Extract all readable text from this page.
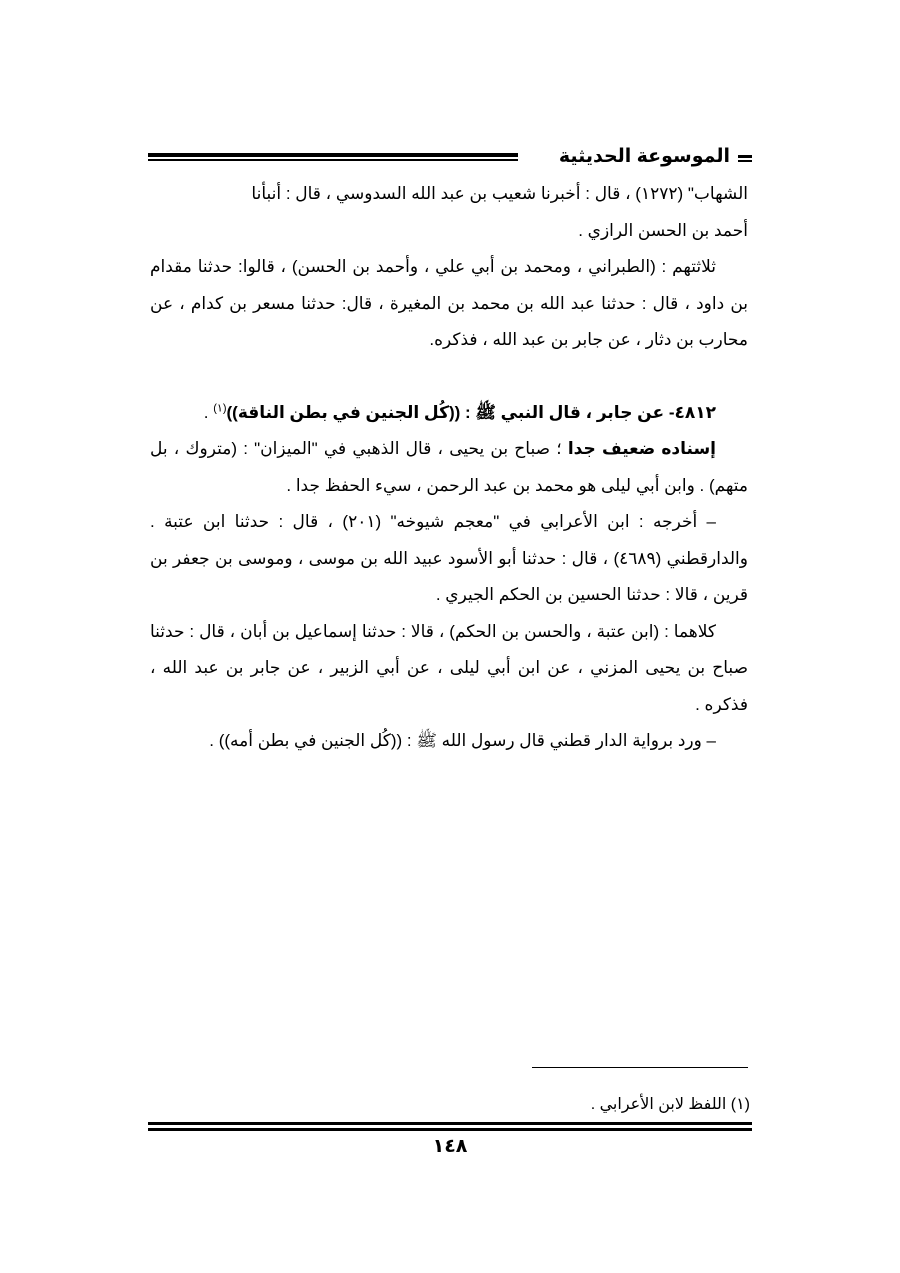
الموسوعة الحديثية

الشهاب" (١٢٧٢) ، قال : أخبرنا شعيب بن عبد الله السدوسي ، قال : أنبأنا

أحمد بن الحسن الرازي .

ثلاثتهم : (الطبراني ، ومحمد بن أبي علي ، وأحمد بن الحسن) ، قالوا: حدثنا مقدام بن داود ، قال : حدثنا عبد الله بن محمد بن المغيرة ، قال: حدثنا مسعر بن كدام ، عن محارب بن دثار ، عن جابر بن عبد الله ، فذكره.

٤٨١٢- عن جابر ، قال النبي ﷺ : ((كُل الجنين في بطن الناقة))$^{(١)}$ .

إسناده ضعيف جدا ؛ صباح بن يحيى ، قال الذهبي في "الميزان" : (متروك ، بل متهم) . وابن أبي ليلى هو محمد بن عبد الرحمن ، سيء الحفظ جدا .

– أخرجه : ابن الأعرابي في "معجم شيوخه" (٢٠١) ، قال : حدثنا ابن عتبة . والدارقطني (٤٦٨٩) ، قال : حدثنا أبو الأسود عبيد الله بن موسى ، وموسى بن جعفر بن قرين ، قالا : حدثنا الحسين بن الحكم الجيري .

كلاهما : (ابن عتبة ، والحسن بن الحكم) ، قالا : حدثنا إسماعيل بن أبان ، قال : حدثنا صباح بن يحيى المزني ، عن ابن أبي ليلى ، عن أبي الزبير ، عن جابر بن عبد الله ، فذكره .

– ورد برواية الدار قطني قال رسول الله ﷺ : ((كُل الجنين في بطن أمه)) .

(١) اللفظ لابن الأعرابي .
١٤٨
